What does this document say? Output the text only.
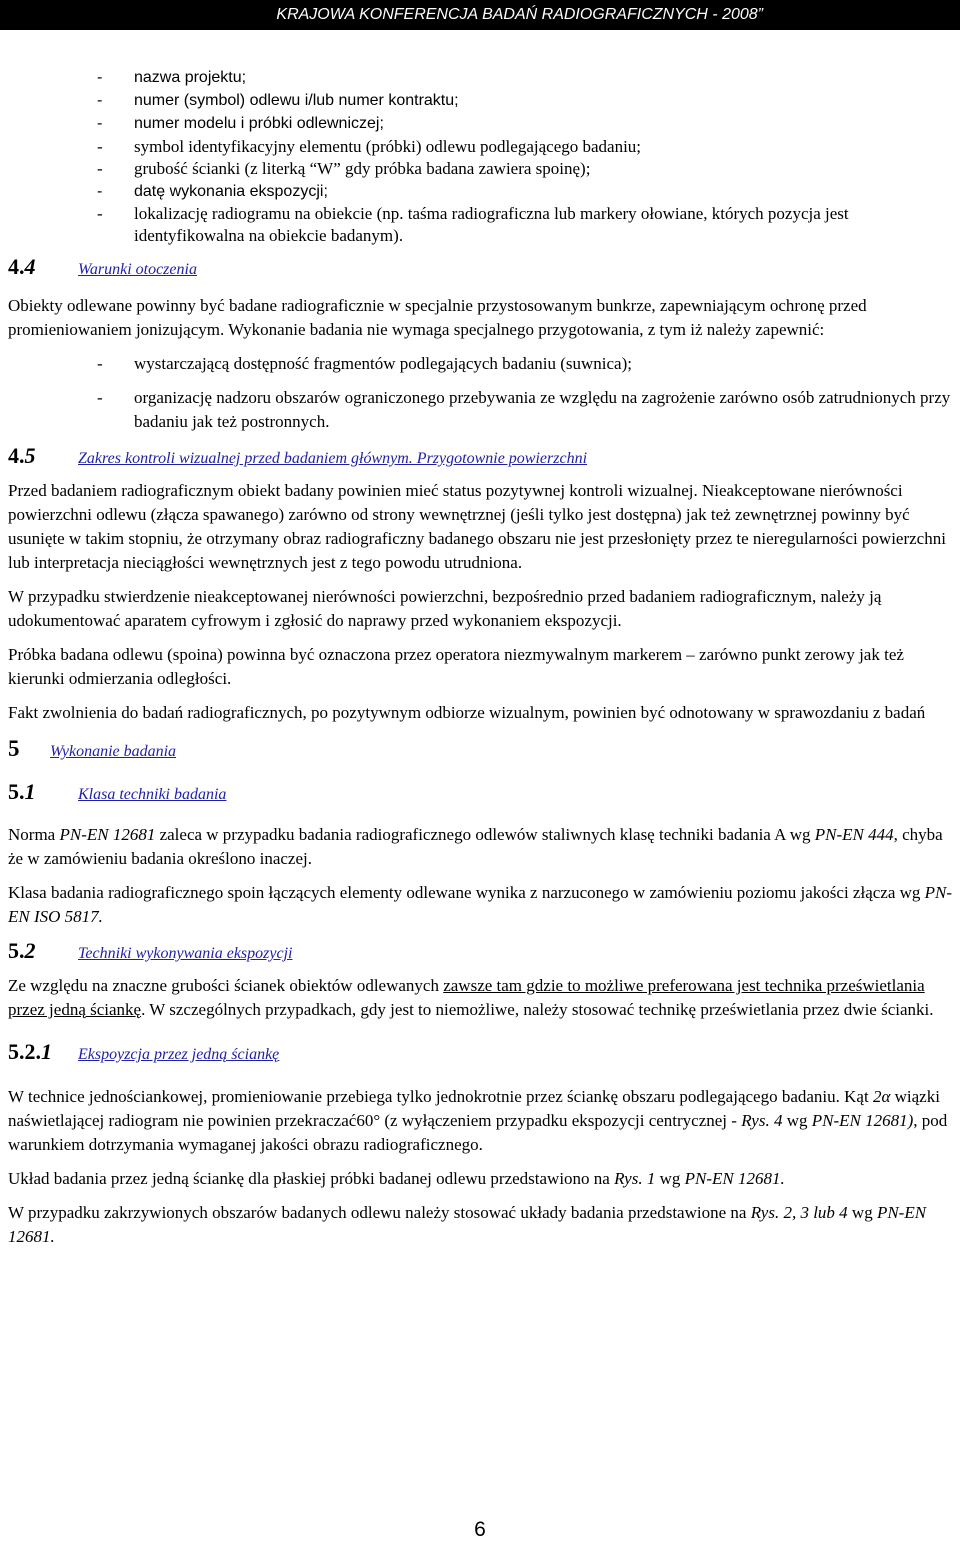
KRAJOWA KONFERENCJA BADAŃ RADIOGRAFICZNYCH - 2008”
- nazwa projektu;
- numer (symbol) odlewu i/lub numer kontraktu;
- numer modelu i próbki odlewniczej;
- symbol identyfikacyjny elementu (próbki) odlewu podlegającego badaniu;
- grubość ścianki (z literką “W” gdy próbka badana zawiera spoinę);
- datę wykonania ekspozycji;
- lokalizację radiogramu na obiekcie (np. taśma radiograficzna lub markery ołowiane, których pozycja jest identyfikowalna na obiekcie badanym).
4.4	Warunki otoczenia

Obiekty odlewane powinny być badane radiograficznie w specjalnie przystosowanym bunkrze, zapewniającym ochronę przed promieniowaniem jonizującym. Wykonanie badania nie wymaga specjalnego przygotowania, z tym iż należy zapewnić:

- wystarczającą dostępność fragmentów podlegających badaniu (suwnica);
- organizację nadzoru obszarów ograniczonego przebywania ze względu na zagrożenie zarówno osób zatrudnionych przy badaniu jak też postronnych.
4.5	Zakres kontroli wizualnej przed badaniem głównym. Przygotownie powierzchni

Przed badaniem radiograficznym obiekt badany powinien mieć status pozytywnej kontroli wizualnej. Nieakceptowane nierówności powierzchni odlewu (złącza spawanego) zarówno od strony wewnętrznej (jeśli tylko jest dostępna) jak też zewnętrznej powinny być usunięte w takim stopniu, że otrzymany obraz radiograficzny badanego obszaru nie jest przesłonięty przez te nieregularności powierzchni lub interpretacja nieciągłości wewnętrznych jest z tego powodu utrudniona.

W przypadku stwierdzenie nieakceptowanej nierówności powierzchni, bezpośrednio przed badaniem radiograficznym, należy ją udokumentować aparatem cyfrowym i zgłosić do naprawy przed wykonaniem ekspozycji.

Próbka badana odlewu (spoina) powinna być oznaczona przez operatora niezmywalnym markerem – zarówno punkt zerowy jak też kierunki odmierzania odległości.

Fakt zwolnienia do badań radiograficznych, po pozytywnym odbiorze wizualnym, powinien być odnotowany w sprawozdaniu z badań

5	Wykonanie badania
5.1	Klasa techniki badania

Norma PN-EN 12681 zaleca w przypadku badania radiograficznego odlewów staliwnych klasę techniki badania A wg PN-EN 444, chyba że w zamówieniu badania określono inaczej.

Klasa badania radiograficznego spoin łączących elementy odlewane wynika z narzuconego w zamówieniu poziomu jakości złącza wg PN-EN ISO 5817.

5.2	Techniki wykonywania ekspozycji

Ze względu na znaczne grubości ścianek obiektów odlewanych zawsze tam gdzie to możliwe preferowana jest technika prześwietlania przez jedną ściankę. W szczególnych przypadkach, gdy jest to niemożliwe, należy stosować technikę prześwietlania przez dwie ścianki.

5.2.1	Ekspoyzcja przez jedną ściankę

W technice jednościankowej, promieniowanie przebiega tylko jednokrotnie przez ściankę obszaru podlegającego badaniu. Kąt 2α wiązki naświetlającej radiogram nie powinien przekraczać60° (z wyłączeniem przypadku ekspozycji centrycznej - Rys. 4 wg PN-EN 12681), pod warunkiem dotrzymania wymaganej jakości obrazu radiograficznego.

Układ badania przez jedną ściankę dla płaskiej próbki badanej odlewu przedstawiono na Rys. 1 wg PN-EN 12681.

W przypadku zakrzywionych obszarów badanych odlewu należy stosować układy badania przedstawione na Rys. 2, 3 lub 4 wg PN-EN 12681.

6
